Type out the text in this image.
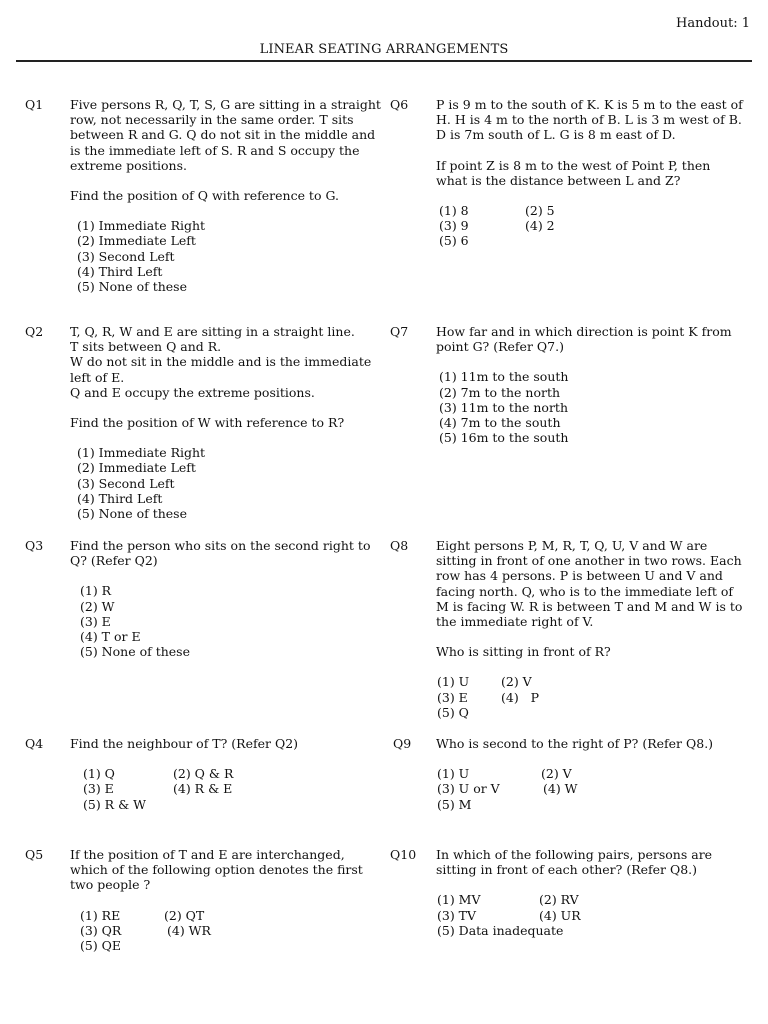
Handout: 1
LINEAR SEATING ARRANGEMENTS
Q1 Five persons R, Q, T, S, G are sitting in a straight
row, not necessarily in the same order. T sits
between R and G. Q do not sit in the middle and
is the immediate left of S. R and S occupy the
extreme positions.

Find the position of Q with reference to G.

(1) Immediate Right
(2) Immediate Left
(3) Second Left
(4) Third Left
(5) None of these
Q2 T, Q, R, W and E are sitting in a straight line.
T sits between Q and R.
W do not sit in the middle and is the immediate
left of E.
Q and E occupy the extreme positions.

Find the position of W with reference to R?

(1) Immediate Right
(2) Immediate Left
(3) Second Left
(4) Third Left
(5) None of these
Q3 Find the person who sits on the second right to
Q? (Refer Q2)

(1) R
(2) W
(3) E
(4) T or E
(5) None of these
Q4 Find the neighbour of T? (Refer Q2)

(1) Q	(2) Q & R
(3) E	(4) R & E
(5) R & W
Q5 If the position of T and E are interchanged,
which of the following option denotes the first
two people ?

(1) RE	(2) QT
(3) QR	(4) WR
(5) QE
Q6 P is 9 m to the south of K. K is 5 m to the east of
H. H is 4 m to the north of B. L is 3 m west of B.
D is 7m south of L. G is 8 m east of D.

If point Z is 8 m to the west of Point P, then
what is the distance between L and Z?

(1) 8	(2) 5
(3) 9	(4) 2
(5) 6
Q7 How far and in which direction is point K from
point G? (Refer Q7.)

(1) 11m to the south
(2) 7m to the north
(3) 11m to the north
(4) 7m to the south
(5) 16m to the south
Q8 Eight persons P, M, R, T, Q, U, V and W are
sitting in front of one another in two rows. Each
row has 4 persons. P is between U and V and
facing north. Q, who is to the immediate left of
M is facing W. R is between T and M and W is to
the immediate right of V.

Who is sitting in front of R?

(1) U	(2) V
(3) E	(4)   P
(5) Q
Q9 Who is second to the right of P? (Refer Q8.)

(1) U	(2) V
(3) U or V	(4) W
(5) M
Q10 In which of the following pairs, persons are
sitting in front of each other? (Refer Q8.)

(1) MV	(2) RV
(3) TV	(4) UR
(5) Data inadequate
